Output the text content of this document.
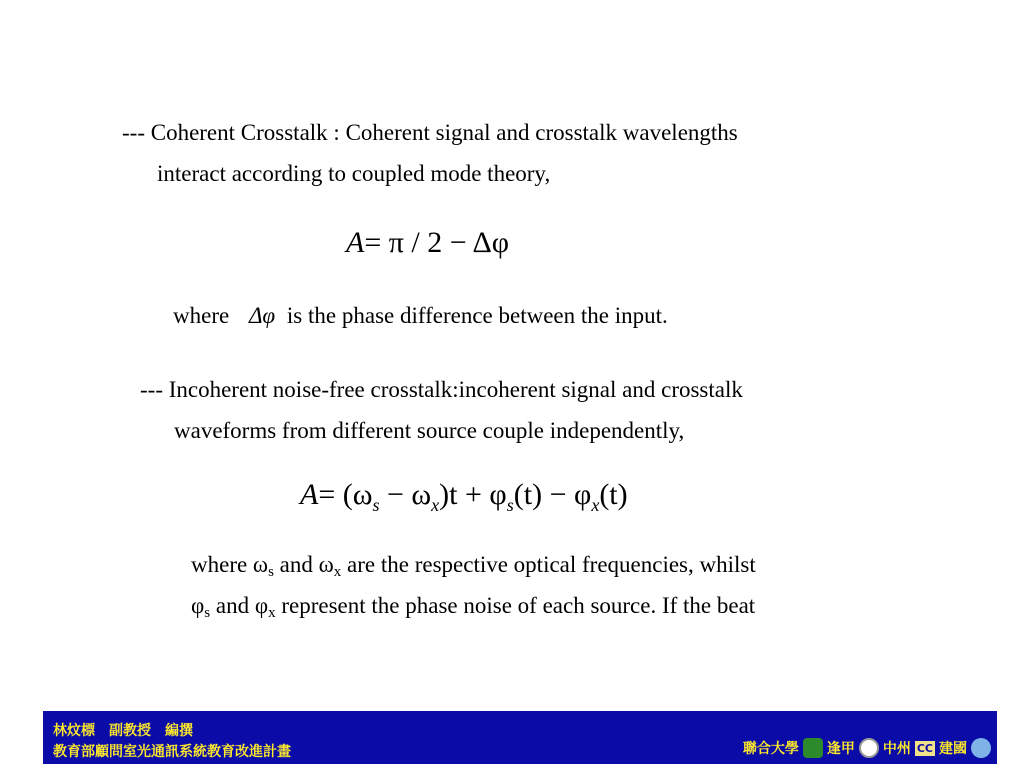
--- Coherent Crosstalk : Coherent signal and crosstalk wavelengths
interact according to coupled mode theory,
A= π / 2 − Δφ
where Δφ is the phase difference between the input.
--- Incoherent noise-free crosstalk:incoherent signal and crosstalk
waveforms from different source couple independently,
$A= (\omega_s - \omega_x)t + \varphi_s(t) - \varphi_x(t)$
where $\omega_s$ and $\omega_x$ are the respective optical frequencies, whilst
$\varphi_s$ and $\varphi_x$ represent the phase noise of each source. If the beat
林炆標　副教授　編撰
教育部顧問室光通訊系統教育改進計畫	聯合大學 逢甲 中州 CC 建國
